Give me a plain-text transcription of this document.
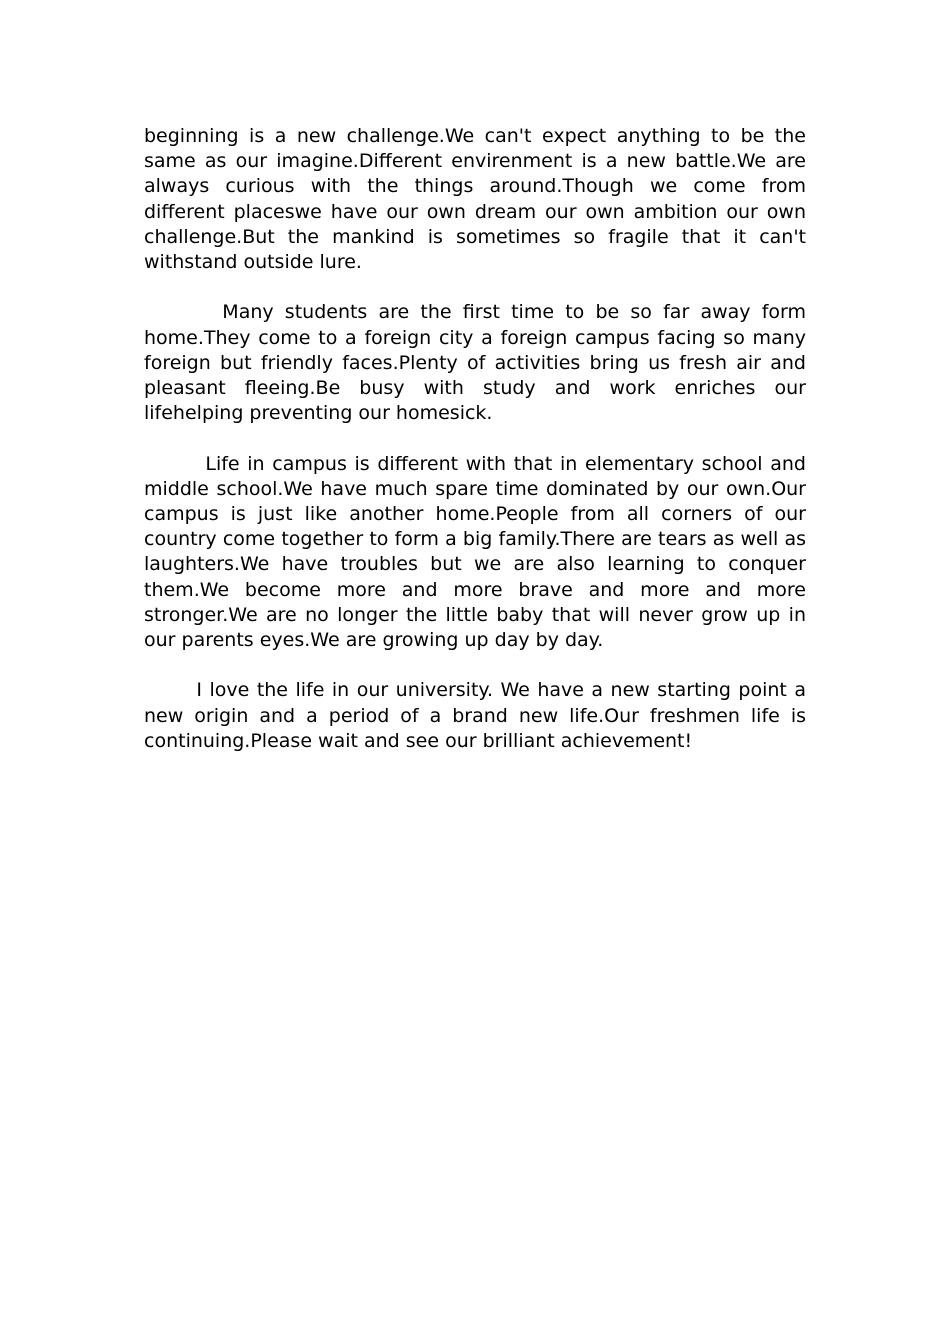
beginning is a new challenge.We can't expect anything to be the same as our imagine.Different envirenment is a new battle.We are always curious with the things around.Though we come from different placeswe have our own dream our own ambition our own challenge.But the mankind is sometimes so fragile that it can't withstand outside lure.

Many students are the first time to be so far away form home.They come to a foreign city a foreign campus facing so many foreign but friendly faces.Plenty of activities bring us fresh air and pleasant fleeing.Be busy with study and work enriches our lifehelping preventing our homesick.

Life in campus is different with that in elementary school and middle school.We have much spare time dominated by our own.Our campus is just like another home.People from all corners of our country come together to form a big family.There are tears as well as laughters.We have troubles but we are also learning to conquer them.We become more and more brave and more and more stronger.We are no longer the little baby that will never grow up in our parents eyes.We are growing up day by day.

I love the life in our university. We have a new starting point a new origin and a period of a brand new life.Our freshmen life is continuing.Please wait and see our brilliant achievement!
